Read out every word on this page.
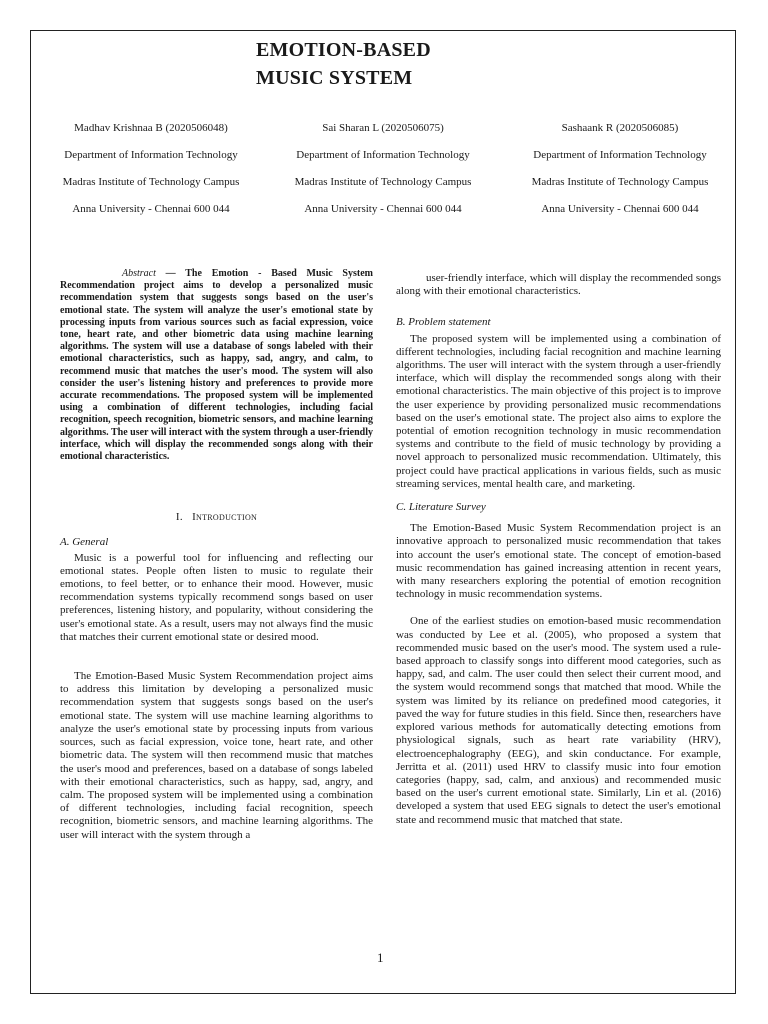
EMOTION-BASED
MUSIC SYSTEM
Madhav Krishnaa B (2020506048)
Department of Information Technology
Madras Institute of Technology Campus
Anna University - Chennai 600 044
Sai Sharan L (2020506075)
Department of Information Technology
Madras Institute of Technology Campus
Anna University - Chennai 600 044
Sashaank R (2020506085)
Department of Information Technology
Madras Institute of Technology Campus
Anna University - Chennai 600 044

Abstract — The Emotion - Based Music System Recommendation project aims to develop a personalized music recommendation system that suggests songs based on the user's emotional state. The system will analyze the user's emotional state by processing inputs from various sources such as facial expression, voice tone, heart rate, and other biometric data using machine learning algorithms. The system will use a database of songs labeled with their emotional characteristics, such as happy, sad, angry, and calm, to recommend music that matches the user's mood. The system will also consider the user's listening history and preferences to provide more accurate recommendations. The proposed system will be implemented using a combination of different technologies, including facial recognition, speech recognition, biometric sensors, and machine learning algorithms. The user will interact with the system through a user-friendly interface, which will display the recommended songs along with their emotional characteristics.

I. Introduction
A. General

Music is a powerful tool for influencing and reflecting our emotional states. People often listen to music to regulate their emotions, to feel better, or to enhance their mood. However, music recommendation systems typically recommend songs based on user preferences, listening history, and popularity, without considering the user's emotional state. As a result, users may not always find the music that matches their current emotional state or desired mood.

The Emotion-Based Music System Recommendation project aims to address this limitation by developing a personalized music recommendation system that suggests songs based on the user's emotional state. The system will use machine learning algorithms to analyze the user's emotional state by processing inputs from various sources, such as facial expression, voice tone, heart rate, and other biometric data. The system will then recommend music that matches the user's mood and preferences, based on a database of songs labeled with their emotional characteristics, such as happy, sad, angry, and calm. The proposed system will be implemented using a combination of different technologies, including facial recognition, speech recognition, biometric sensors, and machine learning algorithms. The user will interact with the system through a

user-friendly interface, which will display the recommended songs along with their emotional characteristics.

B. Problem statement

The proposed system will be implemented using a combination of different technologies, including facial recognition and machine learning algorithms. The user will interact with the system through a user-friendly interface, which will display the recommended songs along with their emotional characteristics. The main objective of this project is to improve the user experience by providing personalized music recommendations based on the user's emotional state. The project also aims to explore the potential of emotion recognition technology in music recommendation systems and contribute to the field of music technology by providing a novel approach to personalized music recommendation. Ultimately, this project could have practical applications in various fields, such as music streaming services, mental health care, and marketing.

C. Literature Survey

The Emotion-Based Music System Recommendation project is an innovative approach to personalized music recommendation that takes into account the user's emotional state. The concept of emotion-based music recommendation has gained increasing attention in recent years, with many researchers exploring the potential of emotion recognition technology in music recommendation systems.

One of the earliest studies on emotion-based music recommendation was conducted by Lee et al. (2005), who proposed a system that recommended music based on the user's mood. The system used a rule-based approach to classify songs into different mood categories, such as happy, sad, and calm. The user could then select their current mood, and the system would recommend songs that matched that mood. While the system was limited by its reliance on predefined mood categories, it paved the way for future studies in this field. Since then, researchers have explored various methods for automatically detecting emotions from physiological signals, such as heart rate variability (HRV), electroencephalography (EEG), and skin conductance. For example, Jerritta et al. (2011) used HRV to classify music into four emotion categories (happy, sad, calm, and anxious) and recommended music based on the user's current emotional state. Similarly, Lin et al. (2016) developed a system that used EEG signals to detect the user's emotional state and recommend music that matched that state.

1
